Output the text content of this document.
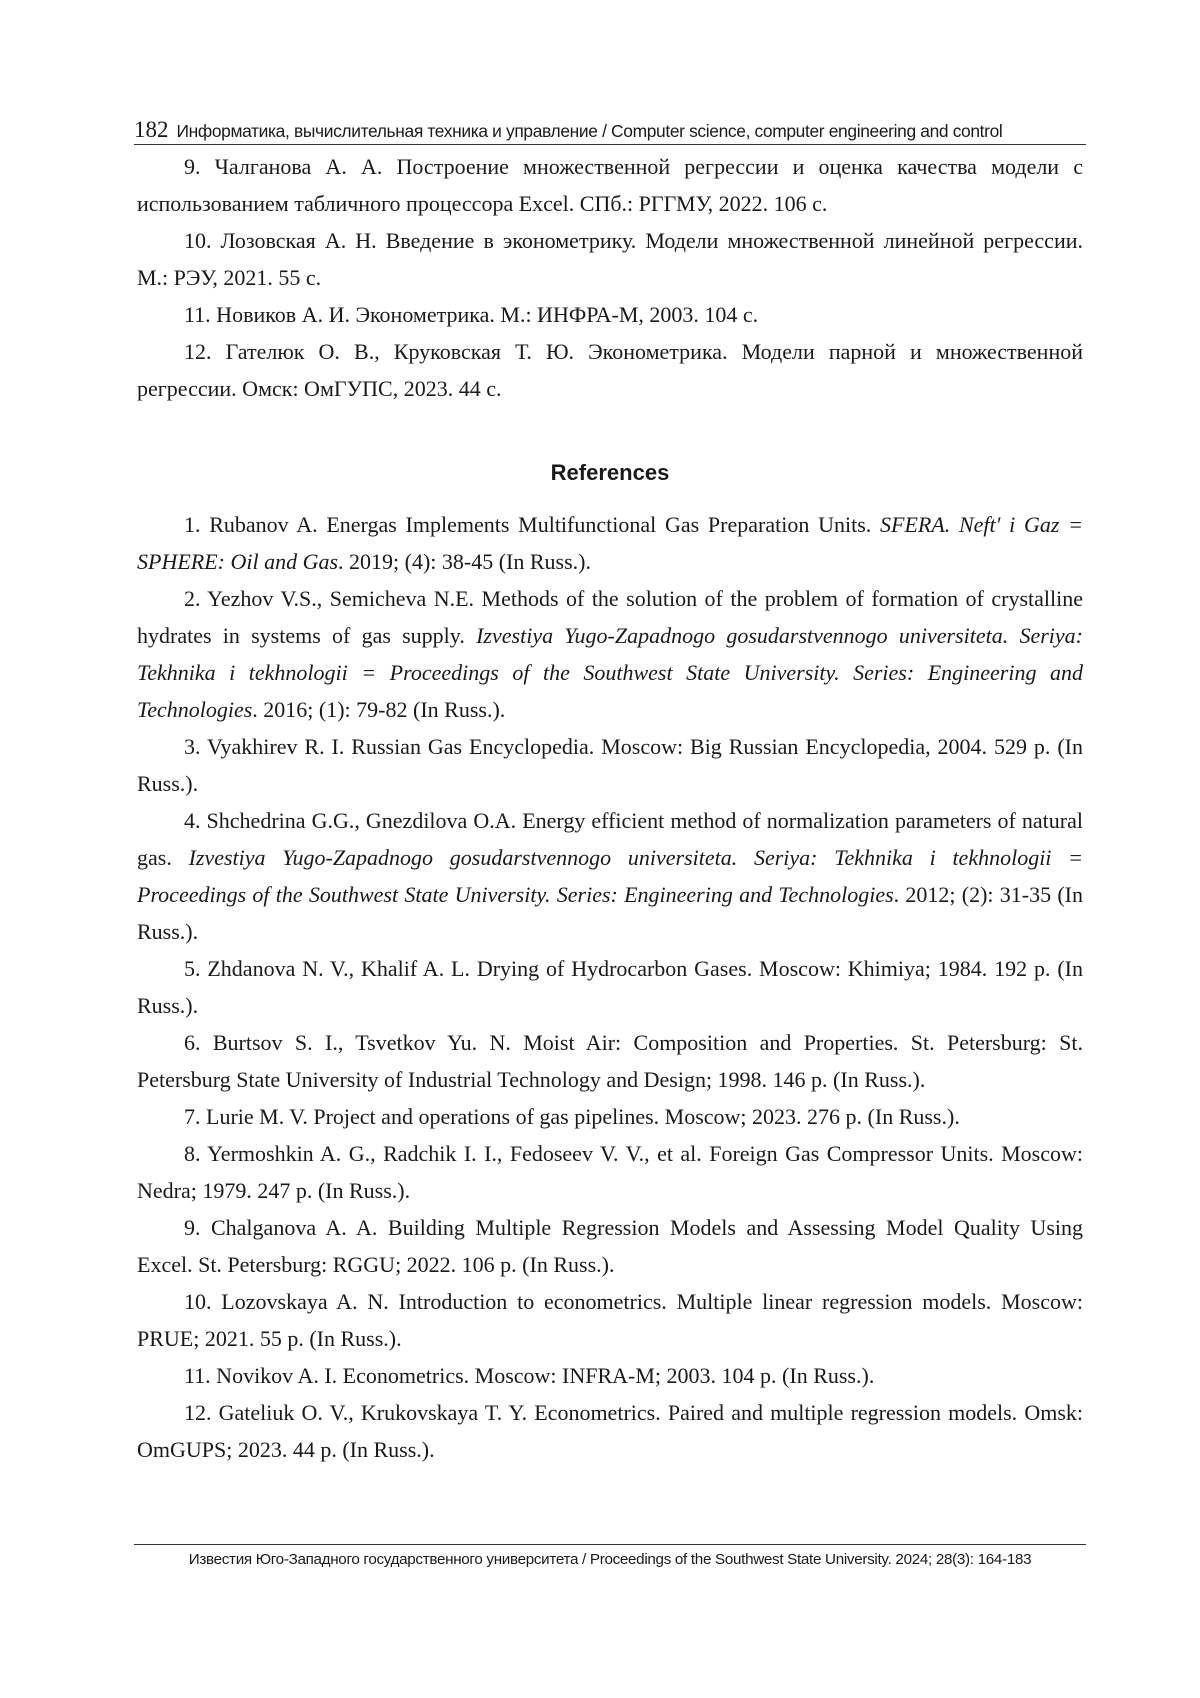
182 Информатика, вычислительная техника и управление / Computer science, computer engineering and control

9. Чалганова А. А. Построение множественной регрессии и оценка качества модели с использованием табличного процессора Excel. СПб.: РГГМУ, 2022. 106 с.

10. Лозовская А. Н. Введение в эконометрику. Модели множественной линейной регрессии. М.: РЭУ, 2021. 55 с.

11. Новиков А. И. Эконометрика. М.: ИНФРА-М, 2003. 104 с.

12. Гателюк О. В., Круковская Т. Ю. Эконометрика. Модели парной и множественной регрессии. Омск: ОмГУПС, 2023. 44 с.

References

1. Rubanov A. Energas Implements Multifunctional Gas Preparation Units. SFERA. Neft' i Gaz = SPHERE: Oil and Gas. 2019; (4): 38-45 (In Russ.).

2. Yezhov V.S., Semicheva N.E. Methods of the solution of the problem of formation of crystalline hydrates in systems of gas supply. Izvestiya Yugo-Zapadnogo gosudarstvennogo universiteta. Seriya: Tekhnika i tekhnologii = Proceedings of the Southwest State University. Series: Engineering and Technologies. 2016; (1): 79-82 (In Russ.).

3. Vyakhirev R. I. Russian Gas Encyclopedia. Moscow: Big Russian Encyclopedia, 2004. 529 p. (In Russ.).

4. Shchedrina G.G., Gnezdilova O.A. Energy efficient method of normalization parameters of natural gas. Izvestiya Yugo-Zapadnogo gosudarstvennogo universiteta. Seriya: Tekhnika i tekhnologii = Proceedings of the Southwest State University. Series: Engineering and Technologies. 2012; (2): 31-35 (In Russ.).

5. Zhdanova N. V., Khalif A. L. Drying of Hydrocarbon Gases. Moscow: Khimiya; 1984. 192 p. (In Russ.).

6. Burtsov S. I., Tsvetkov Yu. N. Moist Air: Composition and Properties. St. Petersburg: St. Petersburg State University of Industrial Technology and Design; 1998. 146 p. (In Russ.).

7. Lurie M. V. Project and operations of gas pipelines. Moscow; 2023. 276 p. (In Russ.).

8. Yermoshkin A. G., Radchik I. I., Fedoseev V. V., et al. Foreign Gas Compressor Units. Moscow: Nedra; 1979. 247 p. (In Russ.).

9. Chalganova A. A. Building Multiple Regression Models and Assessing Model Quality Using Excel. St. Petersburg: RGGU; 2022. 106 p. (In Russ.).

10. Lozovskaya A. N. Introduction to econometrics. Multiple linear regression models. Moscow: PRUE; 2021. 55 p. (In Russ.).

11. Novikov A. I. Econometrics. Moscow: INFRA-M; 2003. 104 p. (In Russ.).

12. Gateliuk O. V., Krukovskaya T. Y. Econometrics. Paired and multiple regression models. Omsk: OmGUPS; 2023. 44 p. (In Russ.).

Известия Юго-Западного государственного университета / Proceedings of the Southwest State University. 2024; 28(3): 164-183
